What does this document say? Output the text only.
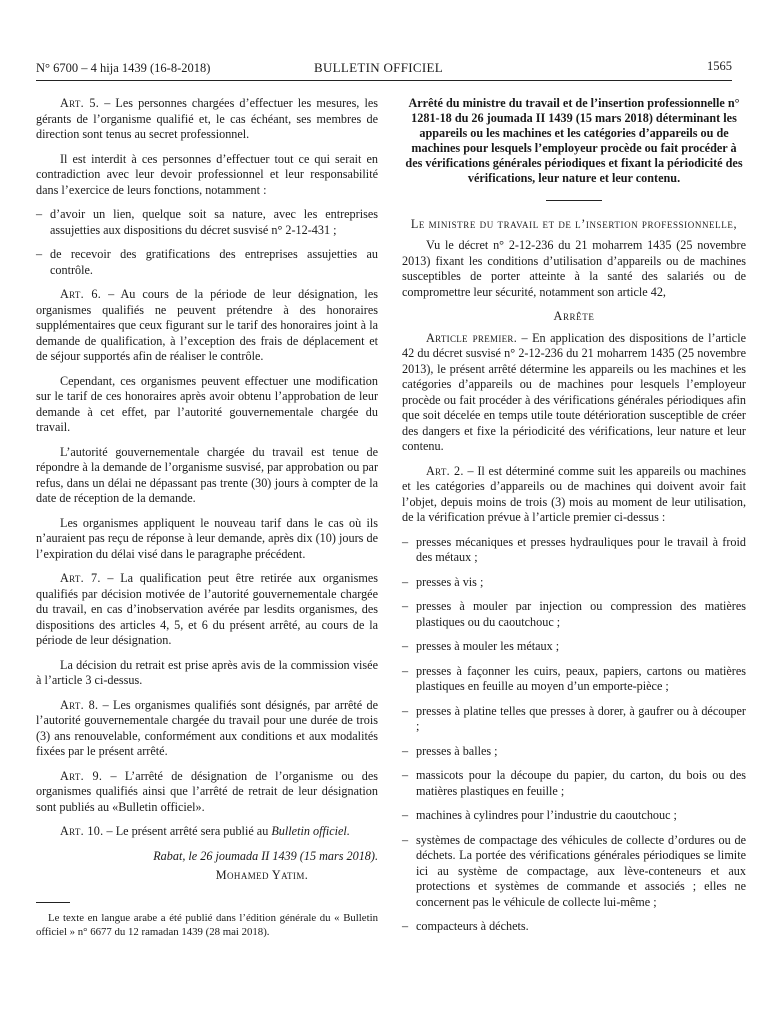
N° 6700 – 4 hija 1439 (16-8-2018)	BULLETIN OFFICIEL	1565

Art. 5. – Les personnes chargées d’effectuer les mesures, les gérants de l’organisme qualifié et, le cas échéant, ses membres de direction sont tenus au secret professionnel.

Il est interdit à ces personnes d’effectuer tout ce qui serait en contradiction avec leur devoir professionnel et leur responsabilité dans l’exercice de leurs fonctions, notamment :

– d’avoir un lien, quelque soit sa nature, avec les entreprises assujetties aux dispositions du décret susvisé n° 2-12-431 ;
– de recevoir des gratifications des entreprises assujetties au contrôle.

Art. 6. – Au cours de la période de leur désignation, les organismes qualifiés ne peuvent prétendre à des honoraires supplémentaires que ceux figurant sur le tarif des honoraires joint à la demande de qualification, à l’exception des frais de déplacement et de séjour supportés afin de réaliser le contrôle.

Cependant, ces organismes peuvent effectuer une modification sur le tarif de ces honoraires après avoir obtenu l’approbation de leur demande à cet effet, par l’autorité gouvernementale chargée du travail.

L’autorité gouvernementale chargée du travail est tenue de répondre à la demande de l’organisme susvisé, par approbation ou par refus, dans un délai ne dépassant pas trente (30) jours à compter de la date de réception de la demande.

Les organismes appliquent le nouveau tarif dans le cas où ils n’auraient pas reçu de réponse à leur demande, après dix (10) jours de l’expiration du délai visé dans le paragraphe précédent.

Art. 7. – La qualification peut être retirée aux organismes qualifiés par décision motivée de l’autorité gouvernementale chargée du travail, en cas d’inobservation avérée par lesdits organismes, des dispositions des articles 4, 5, et 6 du présent arrêté, au cours de la période de leur désignation.

La décision du retrait est prise après avis de la commission visée à l’article 3 ci-dessus.

Art. 8. – Les organismes qualifiés sont désignés, par arrêté de l’autorité gouvernementale chargée du travail pour une durée de trois (3) ans renouvelable, conformément aux conditions et aux modalités fixées par le présent arrêté.

Art. 9. – L’arrêté de désignation de l’organisme ou des organismes qualifiés ainsi que l’arrêté de retrait de leur désignation sont publiés au «Bulletin officiel».

Art. 10. – Le présent arrêté sera publié au Bulletin officiel.

Rabat, le 26 joumada II 1439 (15 mars 2018).
Mohamed Yatim.

Le texte en langue arabe a été publié dans l’édition générale du « Bulletin officiel » n° 6677 du 12 ramadan 1439 (28 mai 2018).

Arrêté du ministre du travail et de l’insertion professionnelle n° 1281-18 du 26 joumada II 1439 (15 mars 2018) déterminant les appareils ou les machines et les catégories d’appareils ou de machines pour lesquels l’employeur procède ou fait procéder à des vérifications générales périodiques et fixant la périodicité des vérifications, leur nature et leur contenu.
Le ministre du travail et de l’insertion professionnelle,

Vu le décret n° 2-12-236 du 21 moharrem 1435 (25 novembre 2013) fixant les conditions d’utilisation d’appareils ou de machines susceptibles de porter atteinte à la santé des salariés ou de compromettre leur sécurité, notamment son article 42,

Arrête

Article premier. – En application des dispositions de l’article 42 du décret susvisé n° 2-12-236 du 21 moharrem 1435 (25 novembre 2013), le présent arrêté détermine les appareils ou les machines et les catégories d’appareils ou de machines pour lesquels l’employeur procède ou fait procéder à des vérifications générales périodiques afin que soit décelée en temps utile toute détérioration susceptible de créer des dangers et fixe la périodicité des vérifications, leur nature et leur contenu.

Art. 2. – Il est déterminé comme suit les appareils ou machines et les catégories d’appareils ou de machines qui doivent avoir fait l’objet, depuis moins de trois (3) mois au moment de leur utilisation, de la vérification prévue à l’article premier ci-dessus :

– presses mécaniques et presses hydrauliques pour le travail à froid des métaux ;
– presses à vis ;
– presses à mouler par injection ou compression des matières plastiques ou du caoutchouc ;
– presses à mouler les métaux ;
– presses à façonner les cuirs, peaux, papiers, cartons ou matières plastiques en feuille au moyen d’un emporte-pièce ;
– presses à platine telles que presses à dorer, à gaufrer ou à découper ;
– presses à balles ;
– massicots pour la découpe du papier, du carton, du bois ou des matières plastiques en feuille ;
– machines à cylindres pour l’industrie du caoutchouc ;
– systèmes de compactage des véhicules de collecte d’ordures ou de déchets. La portée des vérifications générales périodiques se limite ici au système de compactage, aux lève-conteneurs et aux protections et systèmes de commande et associés ; elles ne concernent pas le véhicule de collecte lui-même ;
– compacteurs à déchets.
